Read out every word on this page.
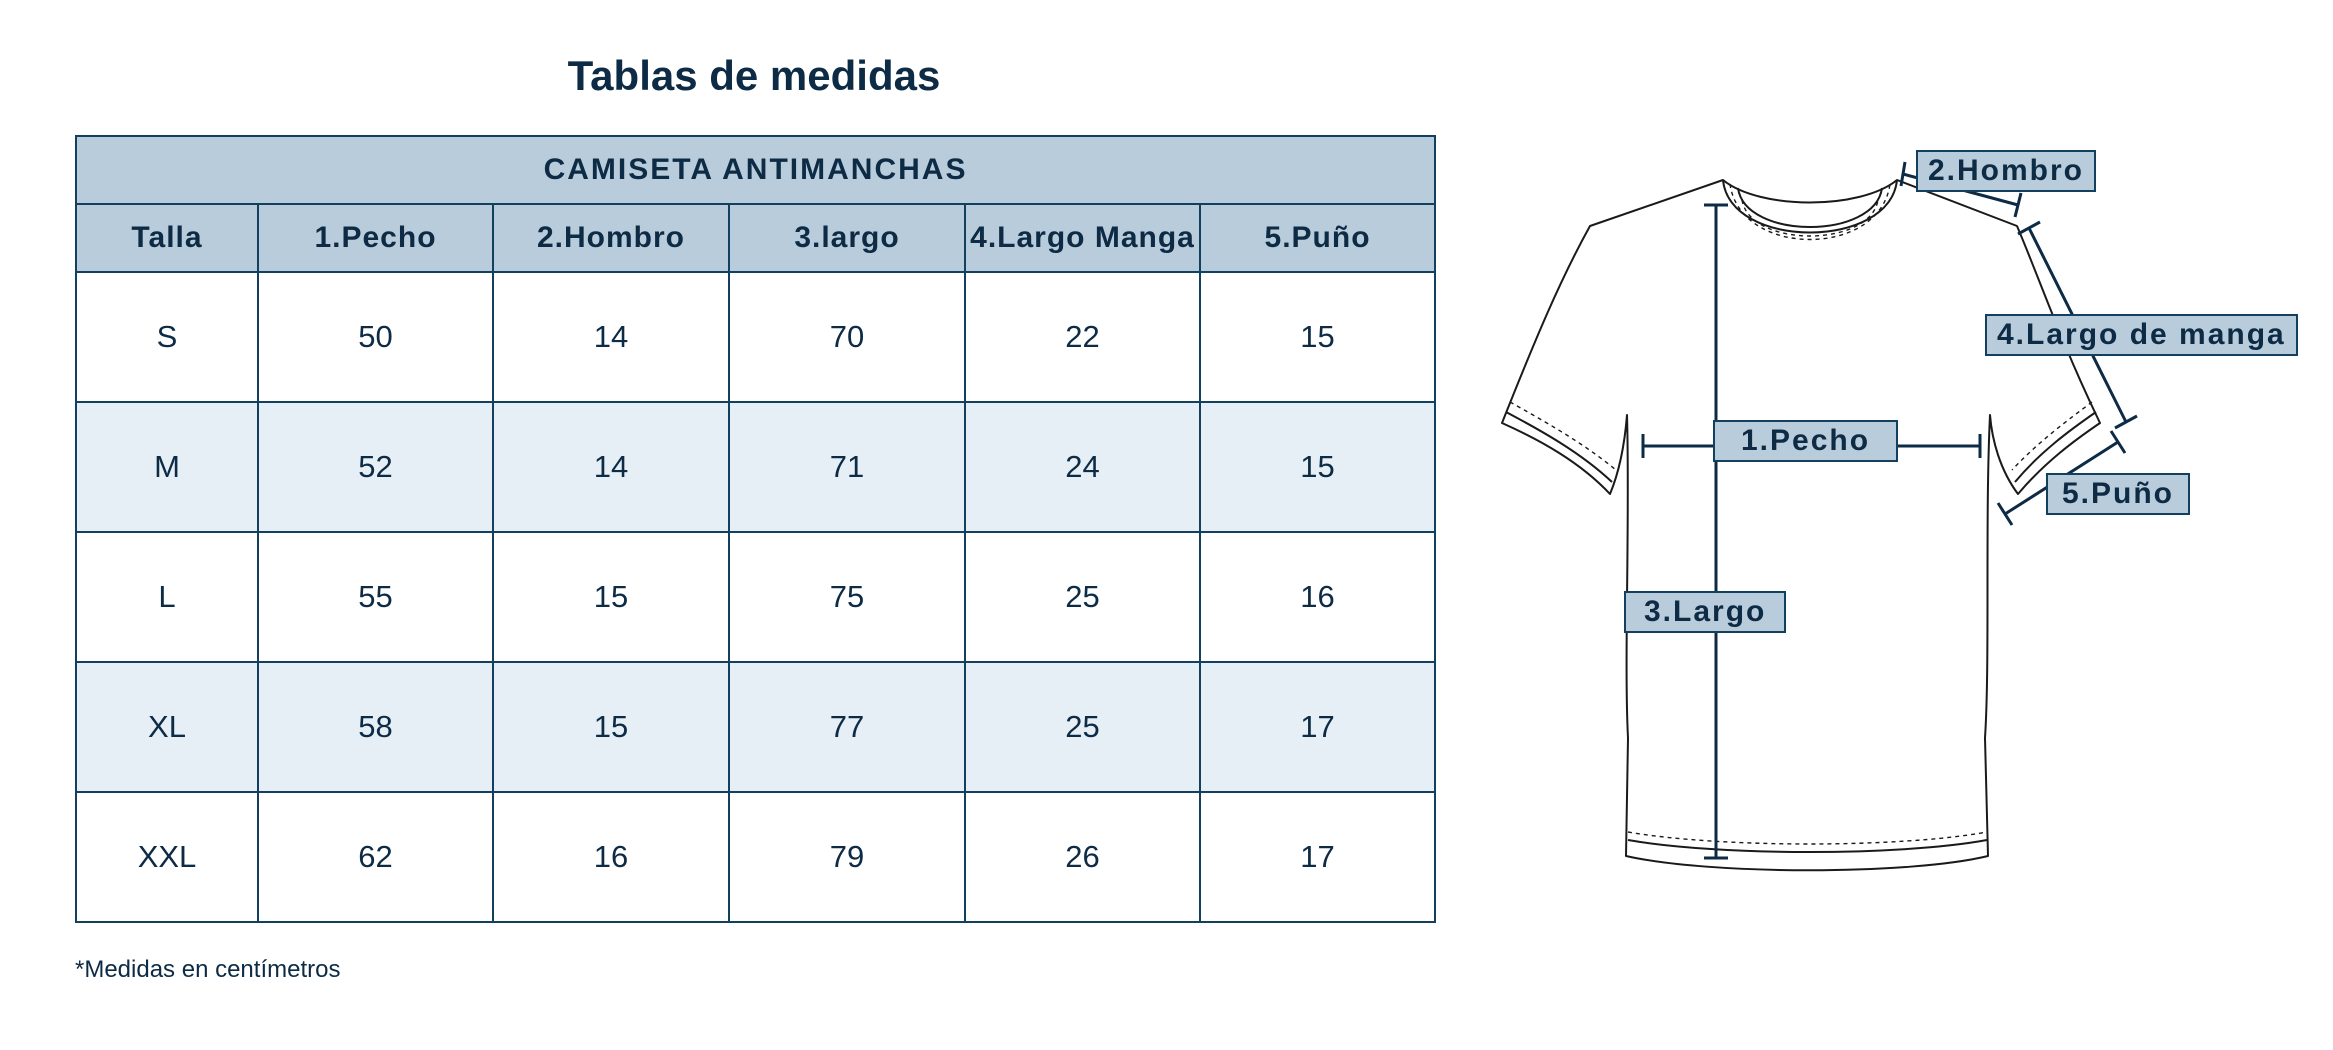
Tablas de medidas
CAMISETA ANTIMANCHAS					
Talla	1.Pecho	2.Hombro	3.largo	4.Largo Manga	5.Puño
S	50	14	70	22	15
M	52	14	71	24	15
L	55	15	75	25	16
XL	58	15	77	25	17
XXL	62	16	79	26	17
*Medidas en centímetros
2.Hombro
4.Largo de manga
1.Pecho
5.Puño
3.Largo
